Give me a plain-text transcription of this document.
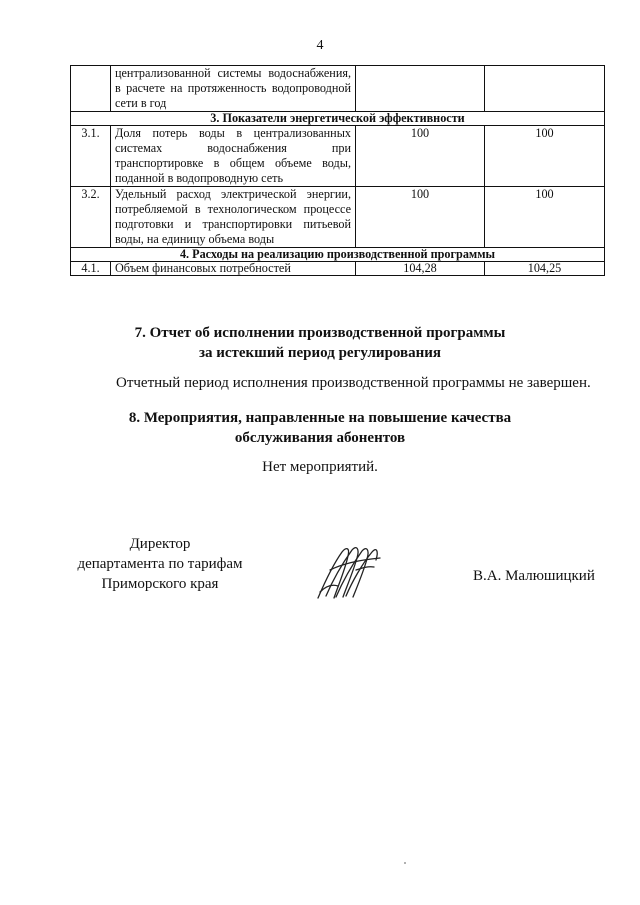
4
	централизованной системы водоснабжения, в расчете на протяженность водопроводной сети в год		
3. Показатели энергетической эффективности			
3.1.	Доля потерь воды в централизованных системах водоснабжения при транспортировке в общем объеме воды, поданной в водопроводную сеть	100	100
3.2.	Удельный расход электрической энергии, потребляемой в технологическом процессе подготовки и транспортировки питьевой воды, на единицу объема воды	100	100
4. Расходы на реализацию производственной программы			
4.1.	Объем финансовых потребностей	104,28	104,25
7. Отчет об исполнении производственной программы
за истекший период регулирования
Отчетный период исполнения производственной программы не завершен.
8. Мероприятия, направленные на повышение качества
обслуживания абонентов
Нет мероприятий.
Директор
департамента по тарифам
Приморского края	В.А. Малюшицкий
